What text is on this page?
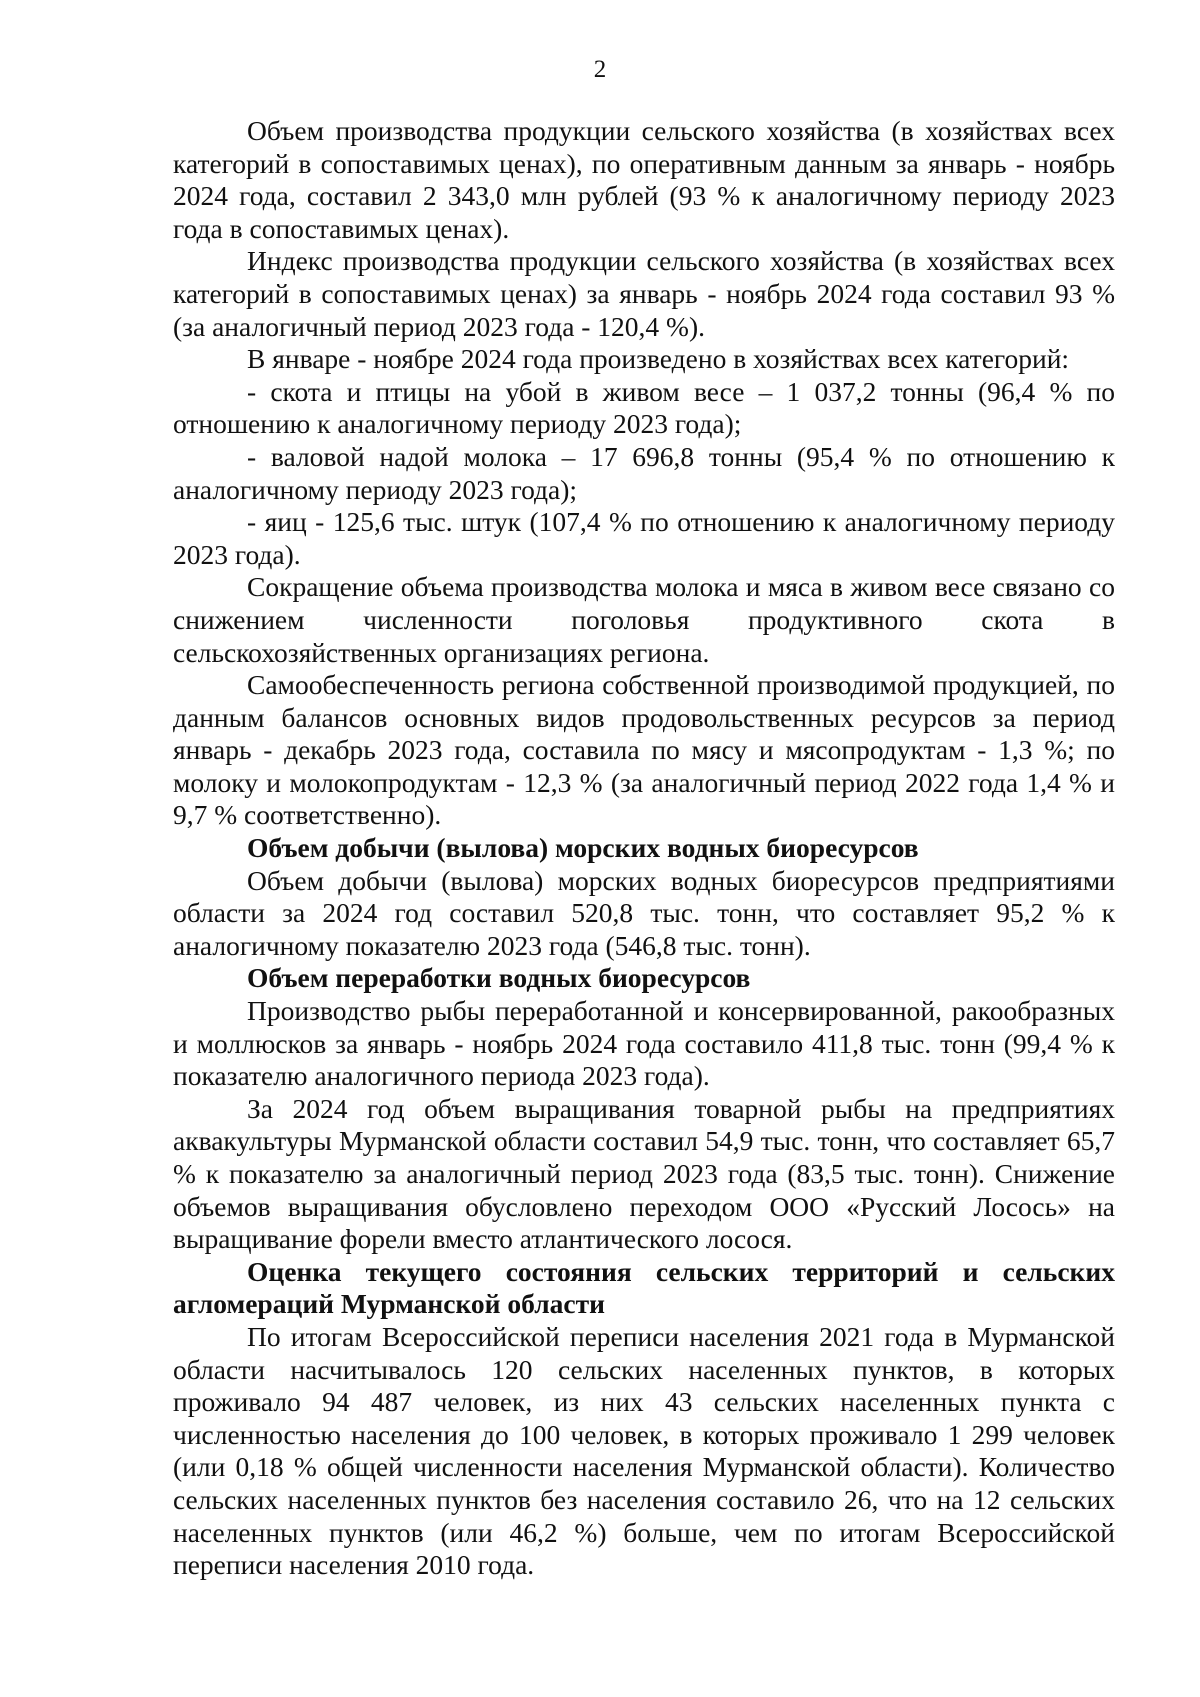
2

Объем производства продукции сельского хозяйства (в хозяйствах всех категорий в сопоставимых ценах), по оперативным данным за январь - ноябрь 2024 года, составил 2 343,0 млн рублей (93 % к аналогичному периоду 2023 года в сопоставимых ценах).

Индекс производства продукции сельского хозяйства (в хозяйствах всех категорий в сопоставимых ценах) за январь - ноябрь 2024 года составил 93 % (за аналогичный период 2023 года - 120,4 %).

В январе - ноябре 2024 года произведено в хозяйствах всех категорий:

- скота и птицы на убой в живом весе – 1 037,2 тонны (96,4 % по отношению к аналогичному периоду 2023 года);

- валовой надой молока – 17 696,8 тонны (95,4 % по отношению к аналогичному периоду 2023 года);

- яиц - 125,6 тыс. штук (107,4 % по отношению к аналогичному периоду 2023 года).

Сокращение объема производства молока и мяса в живом весе связано со снижением численности поголовья продуктивного скота в сельскохозяйственных организациях региона.

Самообеспеченность региона собственной производимой продукцией, по данным балансов основных видов продовольственных ресурсов за период январь - декабрь 2023 года, составила по мясу и мясопродуктам - 1,3 %; по молоку и молокопродуктам - 12,3 % (за аналогичный период 2022 года 1,4 % и 9,7 % соответственно).

Объем добычи (вылова) морских водных биоресурсов

Объем добычи (вылова) морских водных биоресурсов предприятиями области за 2024 год составил 520,8 тыс. тонн, что составляет 95,2 % к аналогичному показателю 2023 года (546,8 тыс. тонн).

Объем переработки водных биоресурсов

Производство рыбы переработанной и консервированной, ракообразных и моллюсков за январь - ноябрь 2024 года составило 411,8 тыс. тонн (99,4 % к показателю аналогичного периода 2023 года).

За 2024 год объем выращивания товарной рыбы на предприятиях аквакультуры Мурманской области составил 54,9 тыс. тонн, что составляет 65,7 % к показателю за аналогичный период 2023 года (83,5 тыс. тонн). Снижение объемов выращивания обусловлено переходом ООО «Русский Лосось» на выращивание форели вместо атлантического лосося.

Оценка текущего состояния сельских территорий и сельских агломераций Мурманской области

По итогам Всероссийской переписи населения 2021 года в Мурманской области насчитывалось 120 сельских населенных пунктов, в которых проживало 94 487 человек, из них 43 сельских населенных пункта с численностью населения до 100 человек, в которых проживало 1 299 человек (или 0,18 % общей численности населения Мурманской области). Количество сельских населенных пунктов без населения составило 26, что на 12 сельских населенных пунктов (или 46,2 %) больше, чем по итогам Всероссийской переписи населения 2010 года.
